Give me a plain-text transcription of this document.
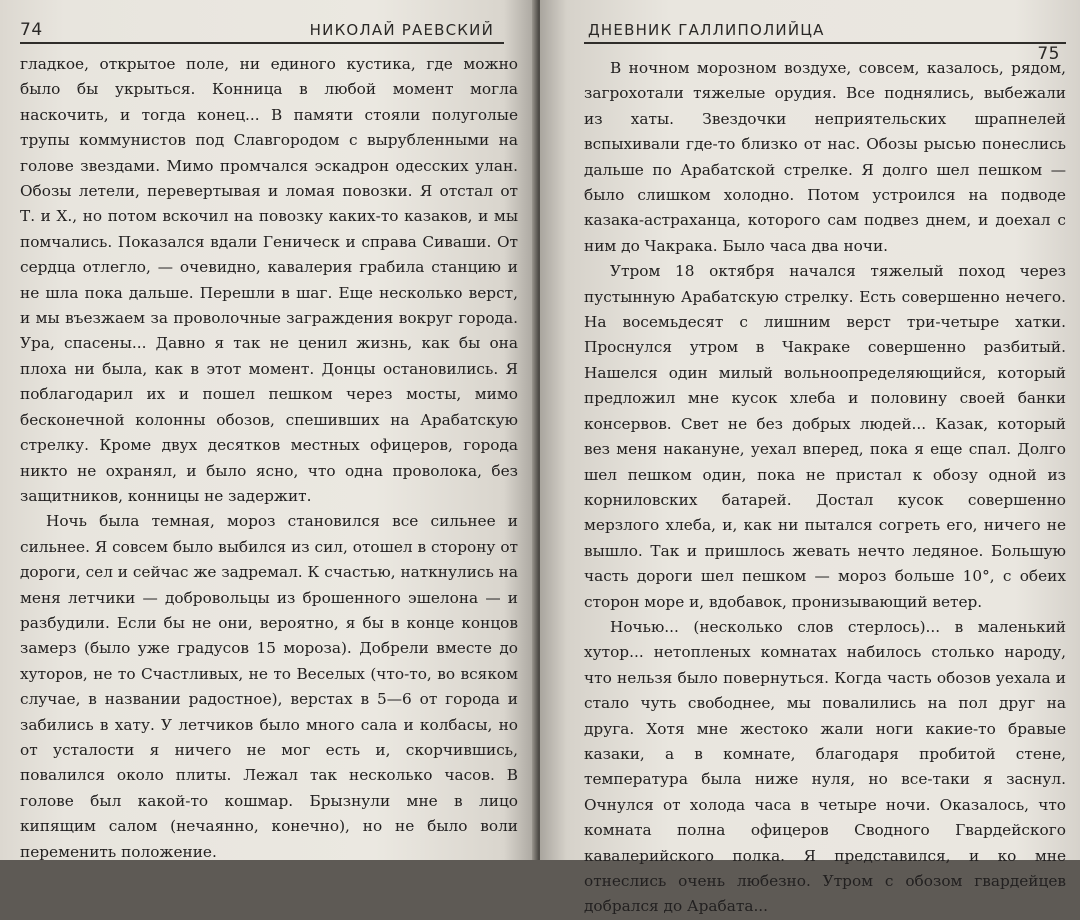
74	НИКОЛАЙ РАЕВСКИЙ

гладкое, открытое поле, ни единого кустика, где можно было бы укрыться. Конница в любой момент могла наскочить, и тогда конец... В памяти стояли полуголые трупы коммунистов под Славгородом с вырубленными на голове звездами. Мимо промчался эскадрон одесских улан. Обозы летели, перевертывая и ломая повозки. Я отстал от Т. и Х., но потом вскочил на повозку каких-то казаков, и мы помчались. Показался вдали Геническ и справа Сиваши. От сердца отлегло, — очевидно, кавалерия грабила станцию и не шла пока дальше. Перешли в шаг. Еще несколько верст, и мы въезжаем за проволочные заграждения вокруг города. Ура, спасены... Давно я так не ценил жизнь, как бы она плоха ни была, как в этот момент. Донцы остановились. Я поблагодарил их и пошел пешком через мосты, мимо бесконечной колонны обозов, спешивших на Арабатскую стрелку. Кроме двух десятков местных офицеров, города никто не охранял, и было ясно, что одна проволока, без защитников, конницы не задержит.

Ночь была темная, мороз становился все сильнее и сильнее. Я совсем было выбился из сил, отошел в сторону от дороги, сел и сейчас же задремал. К счастью, наткнулись на меня летчики — добровольцы из брошенного эшелона — и разбудили. Если бы не они, вероятно, я бы в конце концов замерз (было уже градусов 15 мороза). Добрели вместе до хуторов, не то Счастливых, не то Веселых (что-то, во всяком случае, в названии радостное), верстах в 5—6 от города и забились в хату. У летчиков было много сала и колбасы, но от усталости я ничего не мог есть и, скорчившись, повалился около плиты. Лежал так несколько часов. В голове был какой-то кошмар. Брызнули мне в лицо кипящим салом (нечаянно, конечно), но не было воли переменить положение.

ДНЕВНИК ГАЛЛИПОЛИЙЦА
75

В ночном морозном воздухе, совсем, казалось, рядом, загрохотали тяжелые орудия. Все поднялись, выбежали из хаты. Звездочки неприятельских шрапнелей вспыхивали где-то близко от нас. Обозы рысью понеслись дальше по Арабатской стрелке. Я долго шел пешком — было слишком холодно. Потом устроился на подводе казака-астраханца, которого сам подвез днем, и доехал с ним до Чакрака. Было часа два ночи.

Утром 18 октября начался тяжелый поход через пустынную Арабатскую стрелку. Есть совершенно нечего. На восемьдесят с лишним верст три-четыре хатки. Проснулся утром в Чакраке совершенно разбитый. Нашелся один милый вольноопределяющийся, который предложил мне кусок хлеба и половину своей банки консервов. Свет не без добрых людей... Казак, который вез меня накануне, уехал вперед, пока я еще спал. Долго шел пешком один, пока не пристал к обозу одной из корниловских батарей. Достал кусок совершенно мерзлого хлеба, и, как ни пытался согреть его, ничего не вышло. Так и пришлось жевать нечто ледяное. Большую часть дороги шел пешком — мороз больше 10°, с обеих сторон море и, вдобавок, пронизывающий ветер.

Ночью... (несколько слов стерлось)... в маленький хутор... нетопленых комнатах набилось столько народу, что нельзя было повернуться. Когда часть обозов уехала и стало чуть свободнее, мы повалились на пол друг на друга. Хотя мне жестоко жали ноги какие-то бравые казаки, а в комнате, благодаря пробитой стене, температура была ниже нуля, но все-таки я заснул. Очнулся от холода часа в четыре ночи. Оказалось, что комната полна офицеров Сводного Гвардейского кавалерийского полка. Я представился, и ко мне отнеслись очень любезно. Утром с обозом гвардейцев добрался до Арабата...
